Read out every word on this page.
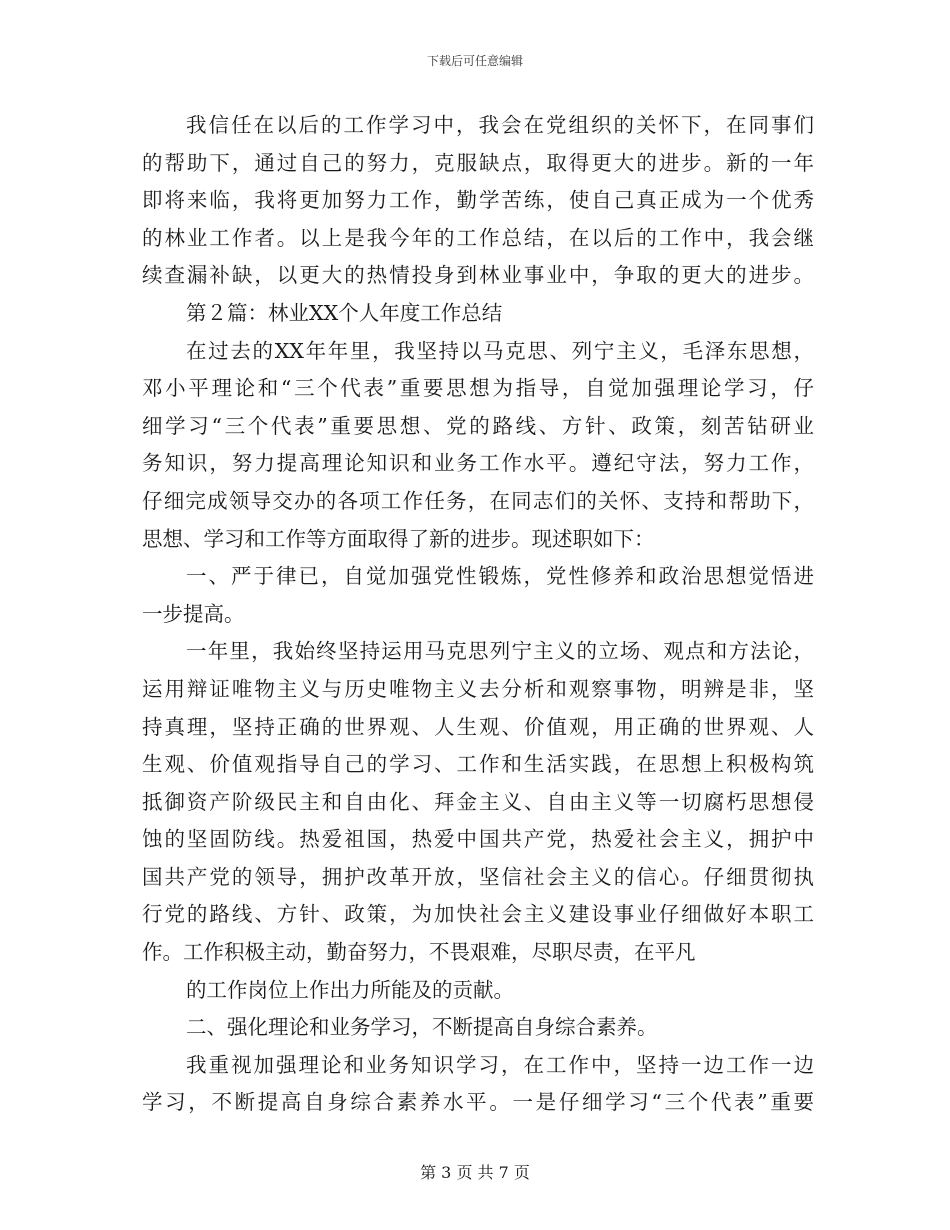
下载后可任意编辑
我信任在以后的工作学习中，我会在党组织的关怀下，在同事们
的帮助下，通过自己的努力，克服缺点，取得更大的进步。新的一年
即将来临，我将更加努力工作，勤学苦练，使自己真正成为一个优秀
的林业工作者。以上是我今年的工作总结，在以后的工作中，我会继
续查漏补缺，以更大的热情投身到林业事业中，争取的更大的进步。
第２篇：林业XX个人年度工作总结
在过去的XX年年里，我坚持以马克思、列宁主义，毛泽东思想，
邓小平理论和“三个代表”重要思想为指导，自觉加强理论学习，仔
细学习“三个代表”重要思想、党的路线、方针、政策，刻苦钻研业
务知识，努力提高理论知识和业务工作水平。遵纪守法，努力工作，
仔细完成领导交办的各项工作任务，在同志们的关怀、支持和帮助下，
思想、学习和工作等方面取得了新的进步。现述职如下：
一、严于律已，自觉加强党性锻炼，党性修养和政治思想觉悟进
一步提高。
一年里，我始终坚持运用马克思列宁主义的立场、观点和方法论，
运用辩证唯物主义与历史唯物主义去分析和观察事物，明辨是非，坚
持真理，坚持正确的世界观、人生观、价值观，用正确的世界观、人
生观、价值观指导自己的学习、工作和生活实践，在思想上积极构筑
抵御资产阶级民主和自由化、拜金主义、自由主义等一切腐朽思想侵
蚀的坚固防线。热爱祖国，热爱中国共产党，热爱社会主义，拥护中
国共产党的领导，拥护改革开放，坚信社会主义的信心。仔细贯彻执
行党的路线、方针、政策，为加快社会主义建设事业仔细做好本职工
作。工作积极主动，勤奋努力，不畏艰难，尽职尽责，在平凡
的工作岗位上作出力所能及的贡献。
二、强化理论和业务学习，不断提高自身综合素养。
我重视加强理论和业务知识学习，在工作中，坚持一边工作一边
学习，不断提高自身综合素养水平。一是仔细学习“三个代表”重要
第 3 页 共 7 页
